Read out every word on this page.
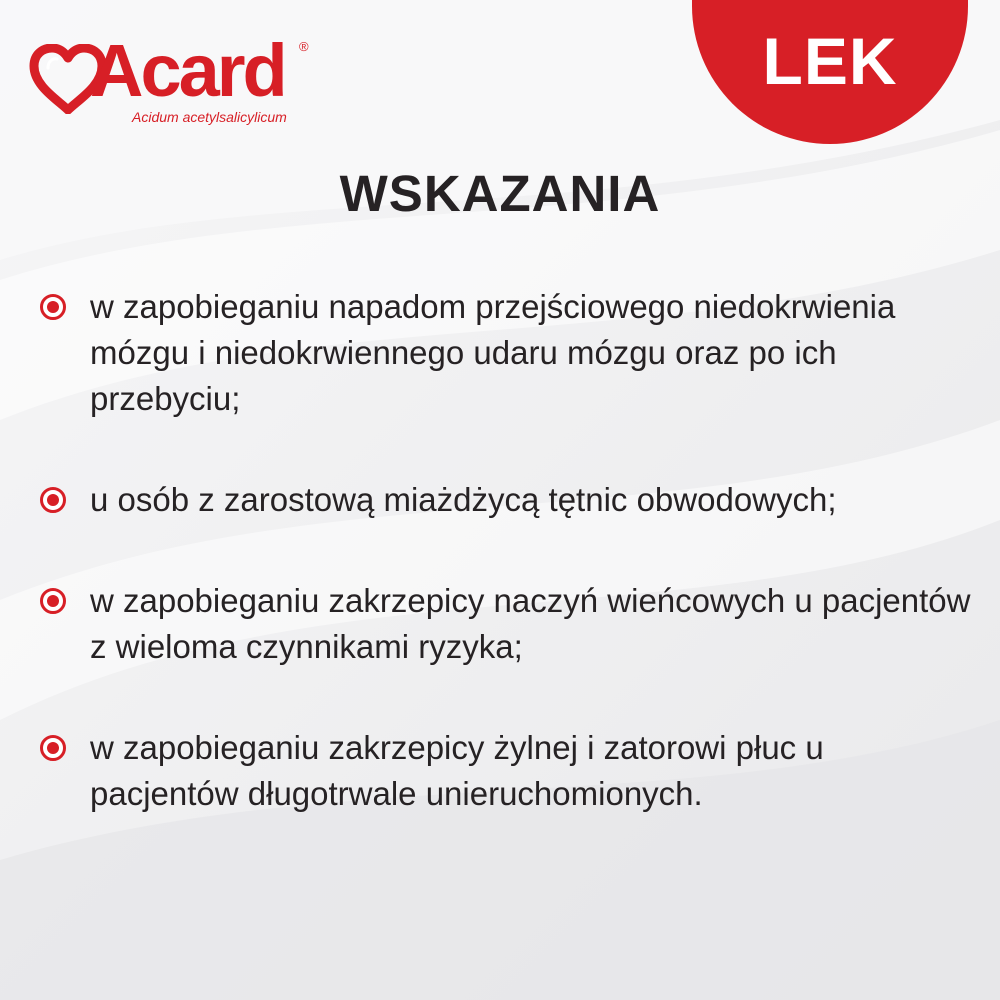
Acard ®
Acidum acetylsalicylicum
LEK
WSKAZANIA
w zapobieganiu napadom przejściowego niedokrwienia mózgu i niedokrwiennego udaru mózgu oraz po ich przebyciu;
u osób z zarostową miażdżycą tętnic obwodowych;
w zapobieganiu zakrzepicy naczyń wieńcowych u pacjentów z wieloma czynnikami ryzyka;
w zapobieganiu zakrzepicy żylnej i zatorowi płuc u pacjentów długotrwale unieruchomionych.
